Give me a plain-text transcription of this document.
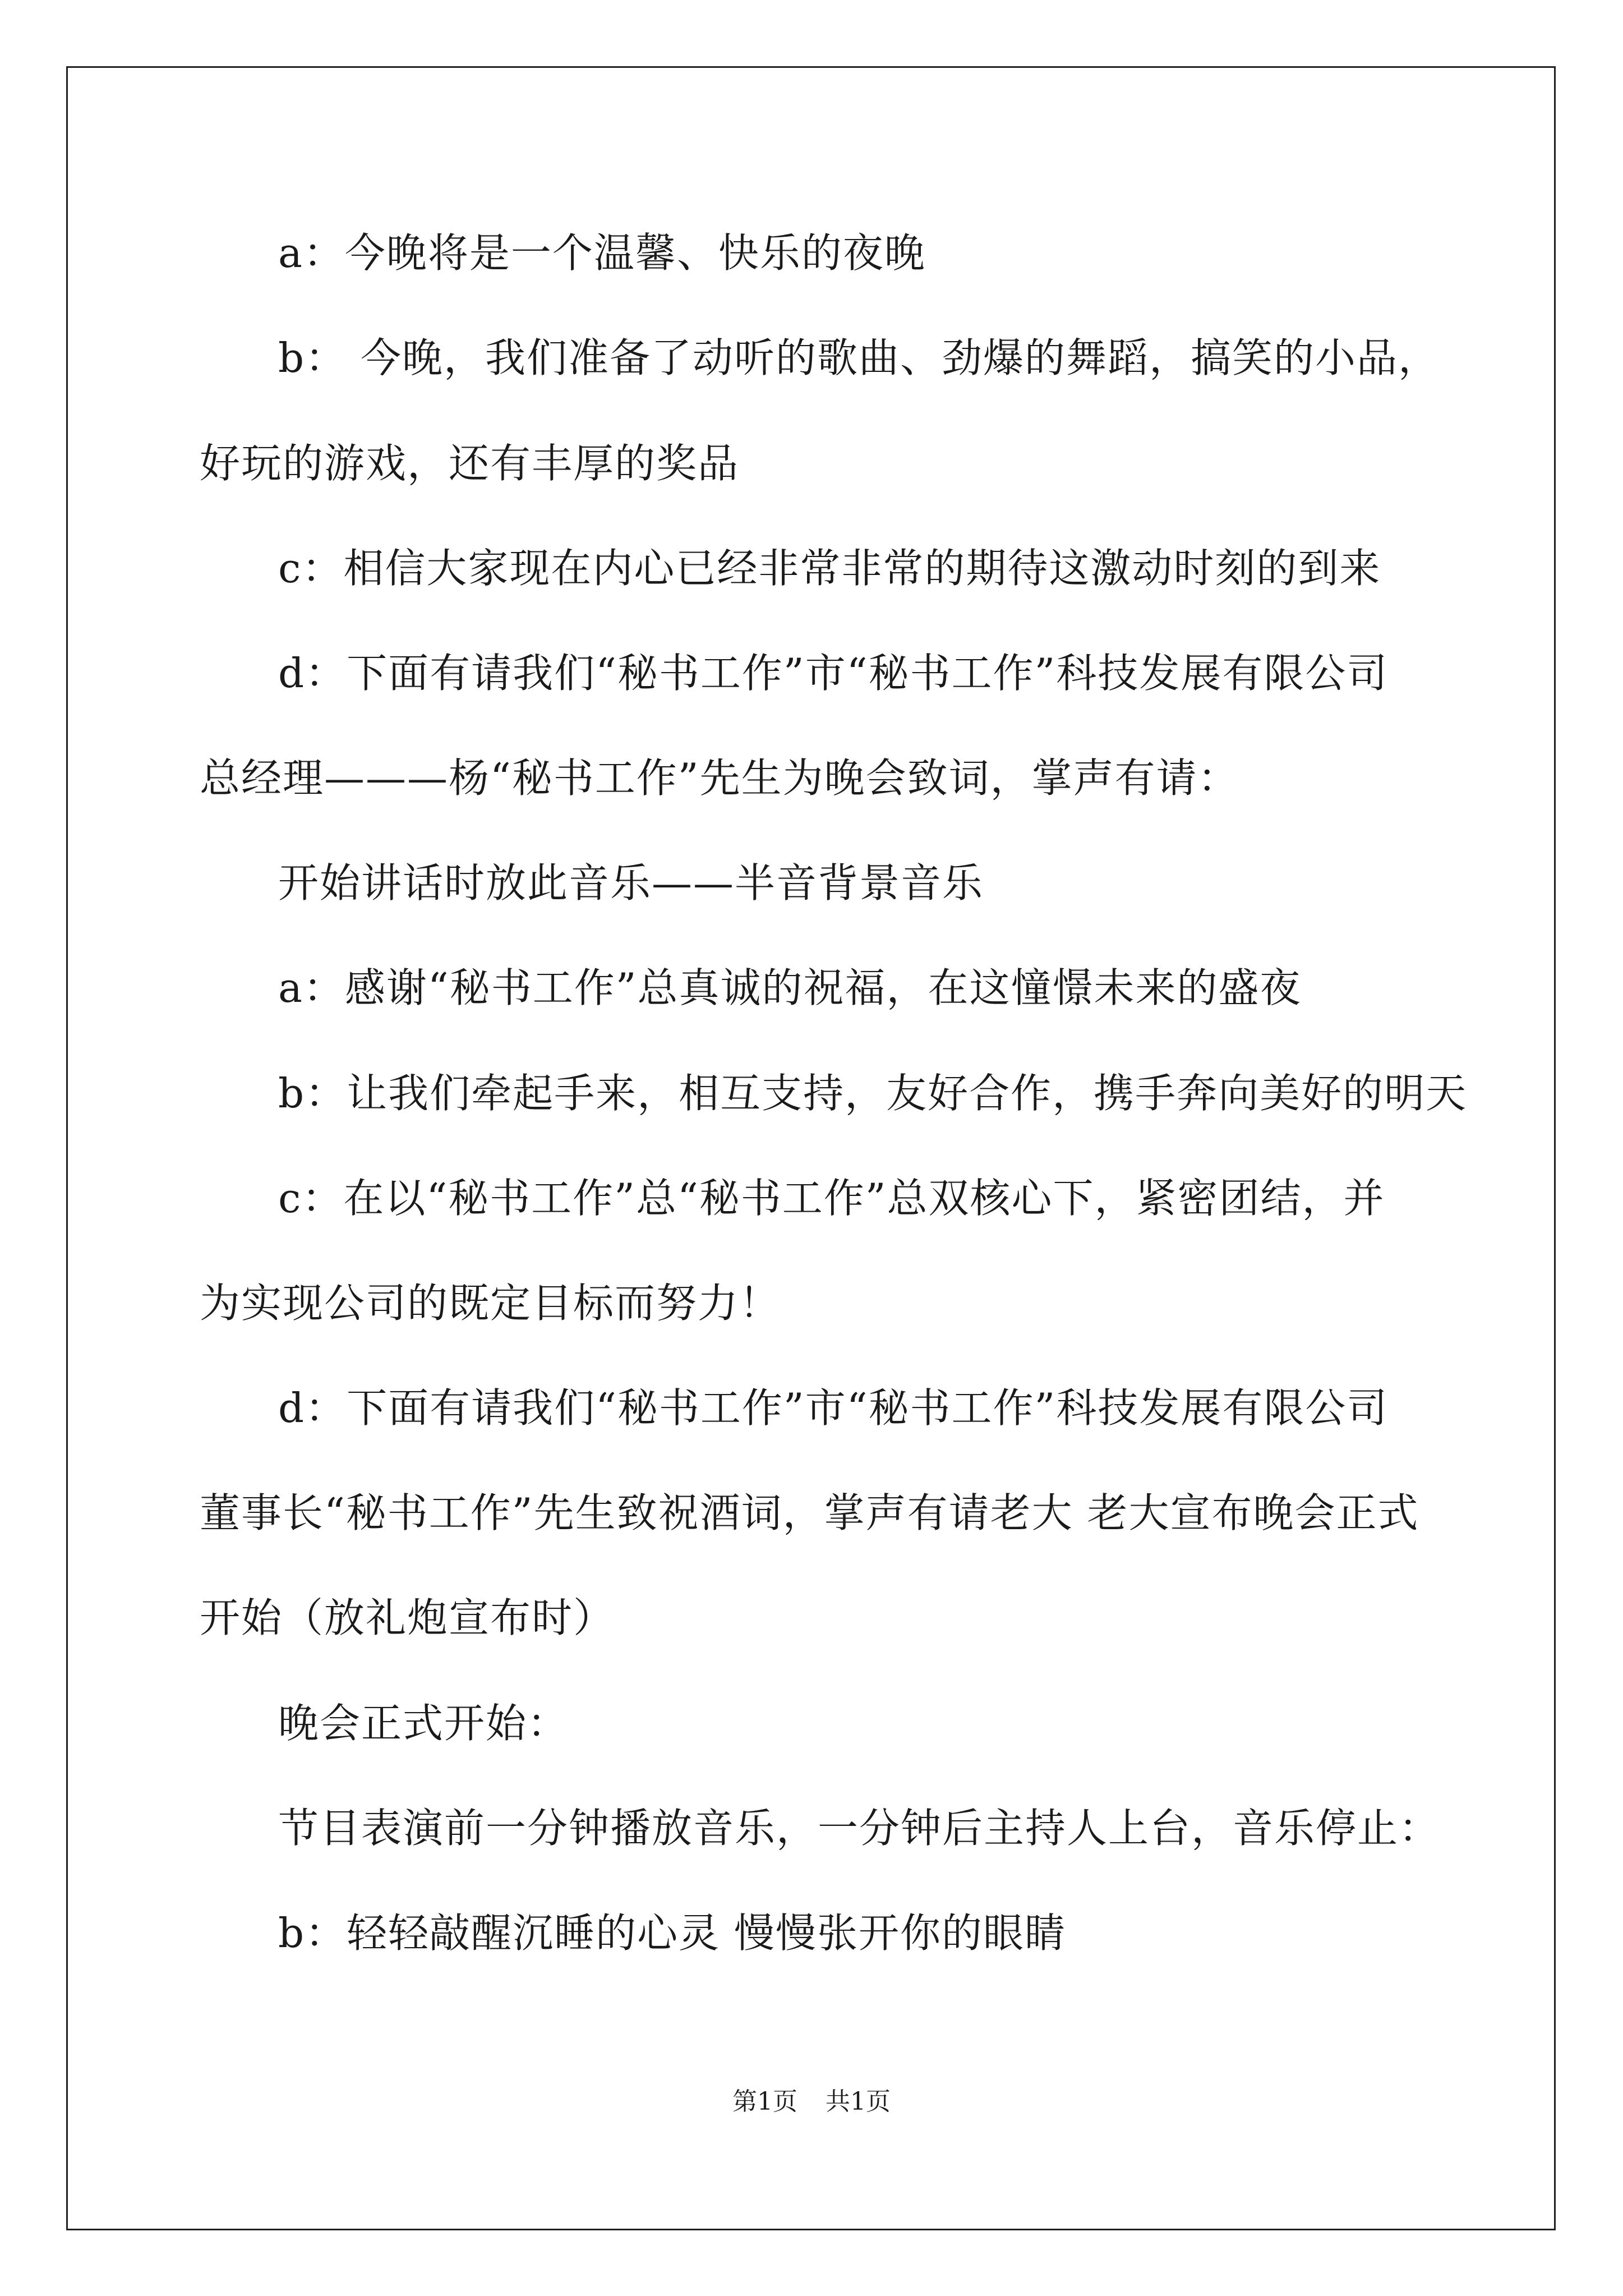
a：今晚将是一个温馨、快乐的夜晚
b： 今晚，我们准备了动听的歌曲、劲爆的舞蹈，搞笑的小品，
好玩的游戏，还有丰厚的奖品
c：相信大家现在内心已经非常非常的期待这激动时刻的到来
d：下面有请我们“秘书工作”市“秘书工作”科技发展有限公司
总经理———杨“秘书工作”先生为晚会致词，掌声有请：
开始讲话时放此音乐——半音背景音乐
a：感谢“秘书工作”总真诚的祝福，在这憧憬未来的盛夜
b：让我们牵起手来，相互支持，友好合作，携手奔向美好的明天
c：在以“秘书工作”总“秘书工作”总双核心下，紧密团结，并
为实现公司的既定目标而努力！
d：下面有请我们“秘书工作”市“秘书工作”科技发展有限公司
董事长“秘书工作”先生致祝酒词，掌声有请老大 老大宣布晚会正式
开始（放礼炮宣布时）
晚会正式开始：
节目表演前一分钟播放音乐，一分钟后主持人上台，音乐停止：
b：轻轻敲醒沉睡的心灵 慢慢张开你的眼睛
第1页 共1页
